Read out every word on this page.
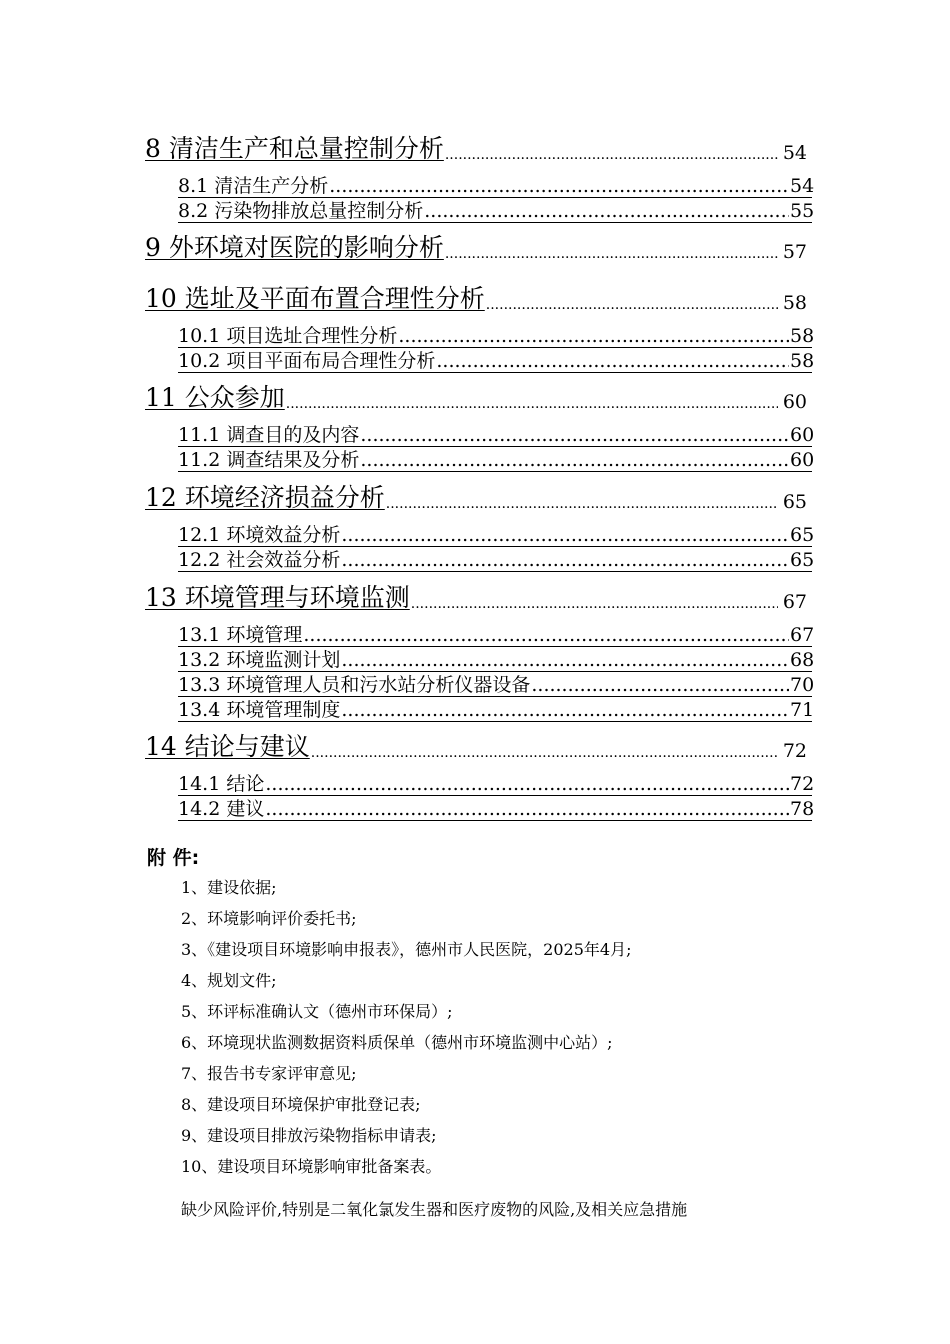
8 清洁生产和总量控制分析 .....	54
8.1 清洁生产分析 .....	54
8.2 污染物排放总量控制分析 .....	55
9 外环境对医院的影响分析 .....	57
10 选址及平面布置合理性分析 .....	58
10.1 项目选址合理性分析 .....	58
10.2 项目平面布局合理性分析 .....	58
11 公众参加 .....	60
11.1 调查目的及内容 .....	60
11.2 调查结果及分析 .....	60
12 环境经济损益分析 .....	65
12.1 环境效益分析 .....	65
12.2 社会效益分析 .....	65
13 环境管理与环境监测 .....	67
13.1 环境管理 .....	67
13.2 环境监测计划 .....	68
13.3 环境管理人员和污水站分析仪器设备 .....	70
13.4 环境管理制度 .....	71
14 结论与建议 .....	72
14.1 结论 .....	72
14.2 建议 .....	78
附 件:
1、建设依据;
2、环境影响评价委托书;
3、《建设项目环境影响申报表》，德州市人民医院，2025年4月;
4、规划文件;
5、环评标准确认文（德州市环保局）;
6、环境现状监测数据资料质保单（德州市环境监测中心站）;
7、报告书专家评审意见;
8、建设项目环境保护审批登记表;
9、建设项目排放污染物指标申请表;
10、建设项目环境影响审批备案表。
缺少风险评价,特别是二氧化氯发生器和医疗废物的风险,及相关应急措施
